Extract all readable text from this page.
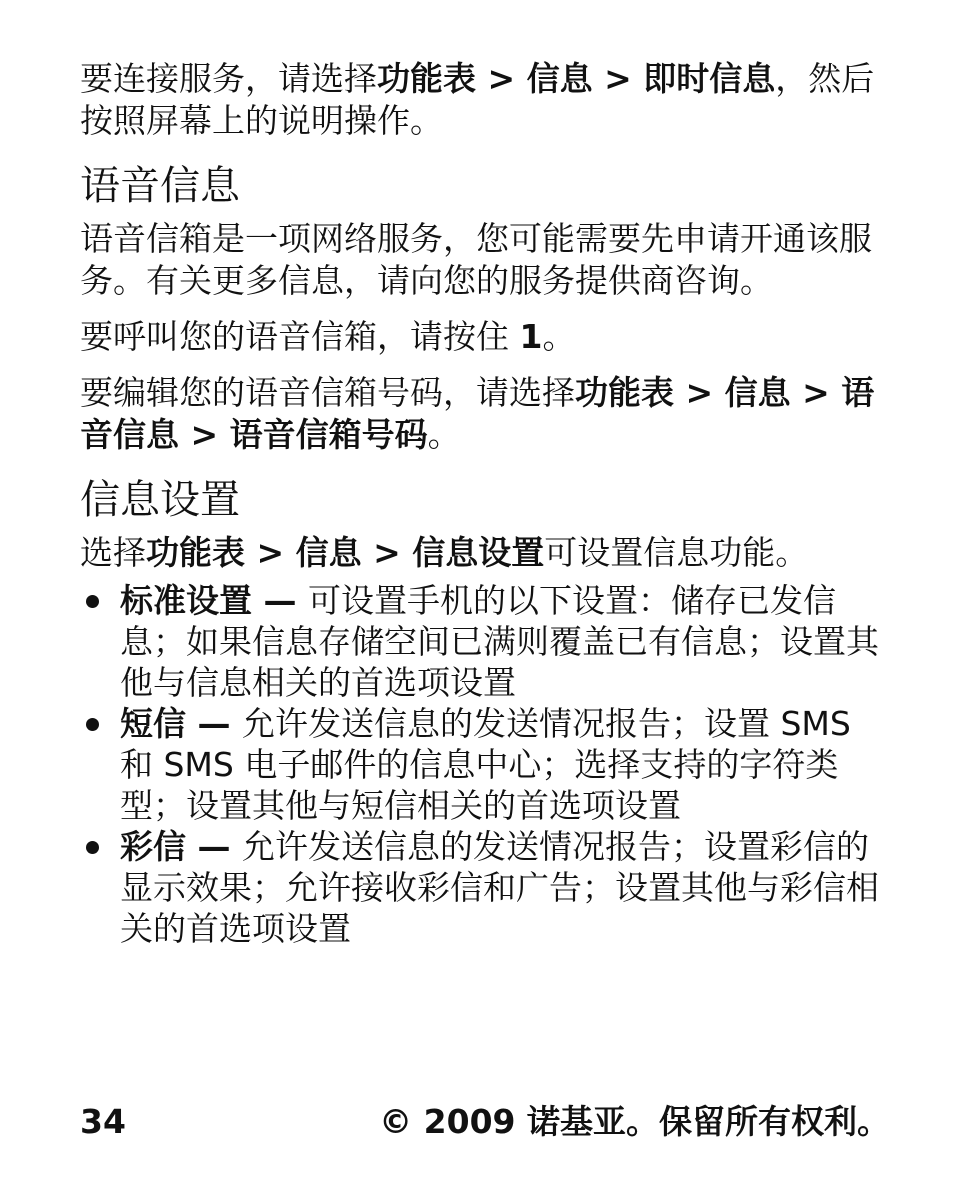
要连接服务，请选择功能表 > 信息 > 即时信息，然后按照屏幕上的说明操作。

语音信息

语音信箱是一项网络服务，您可能需要先申请开通该服务。有关更多信息，请向您的服务提供商咨询。

要呼叫您的语音信箱，请按住 1。

要编辑您的语音信箱号码，请选择功能表 > 信息 > 语音信息 > 语音信箱号码。

信息设置

选择功能表 > 信息 > 信息设置可设置信息功能。

标准设置 — 可设置手机的以下设置：储存已发信息；如果信息存储空间已满则覆盖已有信息；设置其他与信息相关的首选项设置
短信 — 允许发送信息的发送情况报告；设置 SMS 和 SMS 电子邮件的信息中心；选择支持的字符类型；设置其他与短信相关的首选项设置
彩信 — 允许发送信息的发送情况报告；设置彩信的显示效果；允许接收彩信和广告；设置其他与彩信相关的首选项设置
34	© 2009 诺基亚。保留所有权利。
